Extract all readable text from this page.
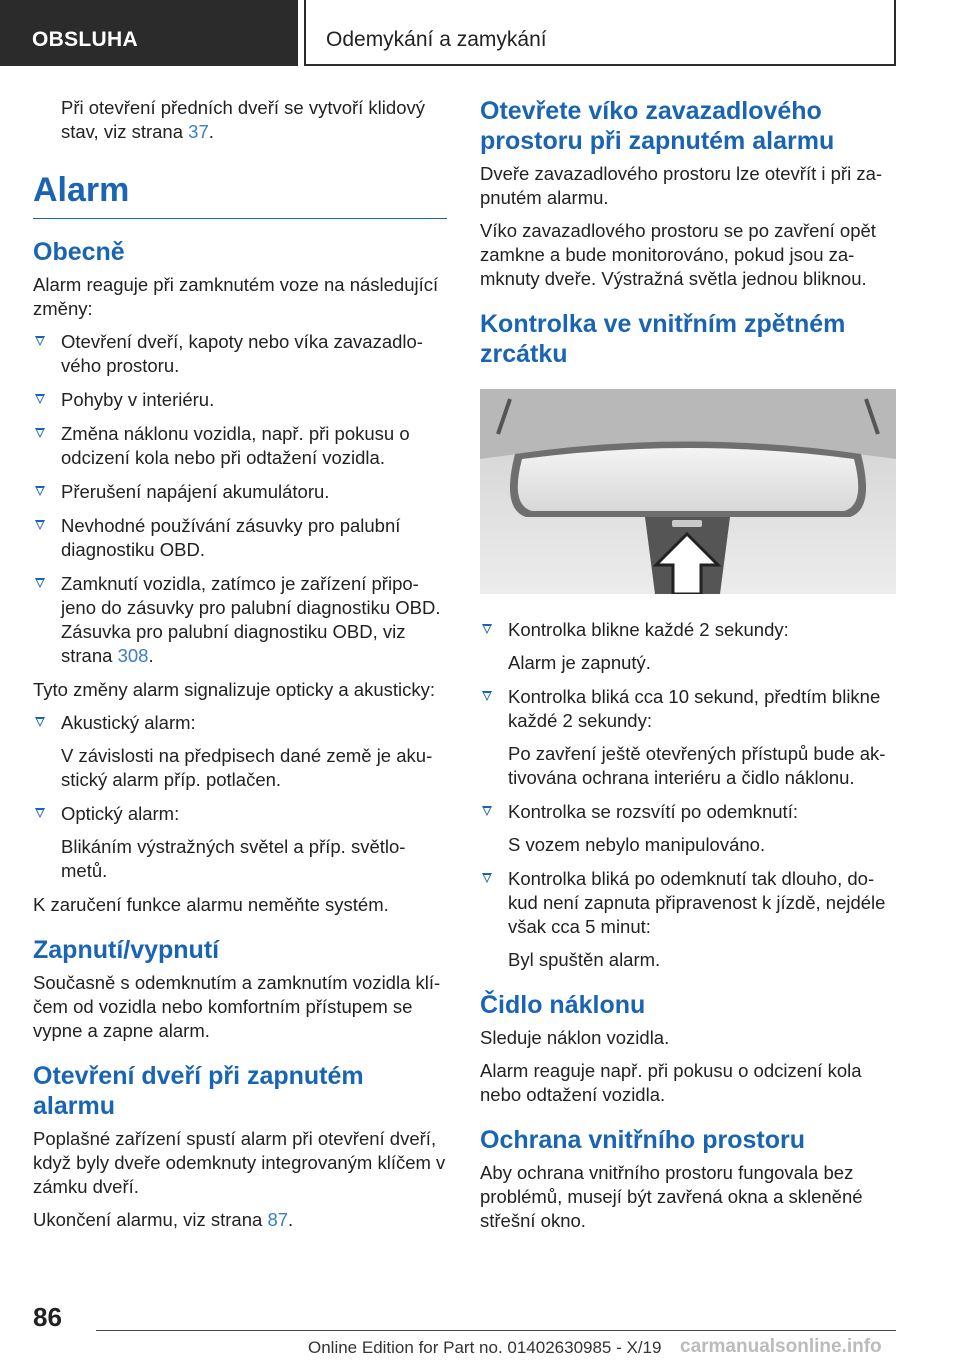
OBSLUHA	Odemykání a zamykání

Při otevření předních dveří se vytvoří klidový stav, viz strana 37.

Alarm
Obecně

Alarm reaguje při zamknutém voze na následující změny:

Otevření dveří, kapoty nebo víka zavazadlo-vého prostoru.
Pohyby v interiéru.
Změna náklonu vozidla, např. při pokusu o odcizení kola nebo při odtažení vozidla.
Přerušení napájení akumulátoru.
Nevhodné používání zásuvky pro palubní diagnostiku OBD.
Zamknutí vozidla, zatímco je zařízení připo-jeno do zásuvky pro palubní diagnostiku OBD. Zásuvka pro palubní diagnostiku OBD, viz strana 308.

Tyto změny alarm signalizuje opticky a akusticky:

Akustický alarm:
V závislosti na předpisech dané země je aku-stický alarm příp. potlačen.
Optický alarm:
Blikáním výstražných světel a příp. světlo-metů.

K zaručení funkce alarmu neměňte systém.

Zapnutí/vypnutí

Současně s odemknutím a zamknutím vozidla klí-čem od vozidla nebo komfortním přístupem se vypne a zapne alarm.

Otevření dveří při zapnutém alarmu

Poplašné zařízení spustí alarm při otevření dveří, když byly dveře odemknuty integrovaným klíčem v zámku dveří.

Ukončení alarmu, viz strana 87.

Otevřete víko zavazadlového prostoru při zapnutém alarmu

Dveře zavazadlového prostoru lze otevřít i při za-pnutém alarmu.

Víko zavazadlového prostoru se po zavření opět zamkne a bude monitorováno, pokud jsou za-mknuty dveře. Výstražná světla jednou bliknou.

Kontrolka ve vnitřním zpětném zrcátku
Kontrolka blikne každé 2 sekundy:
Alarm je zapnutý.
Kontrolka bliká cca 10 sekund, předtím blikne každé 2 sekundy:
Po zavření ještě otevřených přístupů bude ak-tivována ochrana interiéru a čidlo náklonu.
Kontrolka se rozsvítí po odemknutí:
S vozem nebylo manipulováno.
Kontrolka bliká po odemknutí tak dlouho, do-kud není zapnuta připravenost k jízdě, nejdéle však cca 5 minut:
Byl spuštěn alarm.
Čidlo náklonu

Sleduje náklon vozidla.

Alarm reaguje např. při pokusu o odcizení kola nebo odtažení vozidla.

Ochrana vnitřního prostoru

Aby ochrana vnitřního prostoru fungovala bez problémů, musejí být zavřená okna a skleněné střešní okno.

86
Online Edition for Part no. 01402630985 - X/19 carmanualsonline.info
